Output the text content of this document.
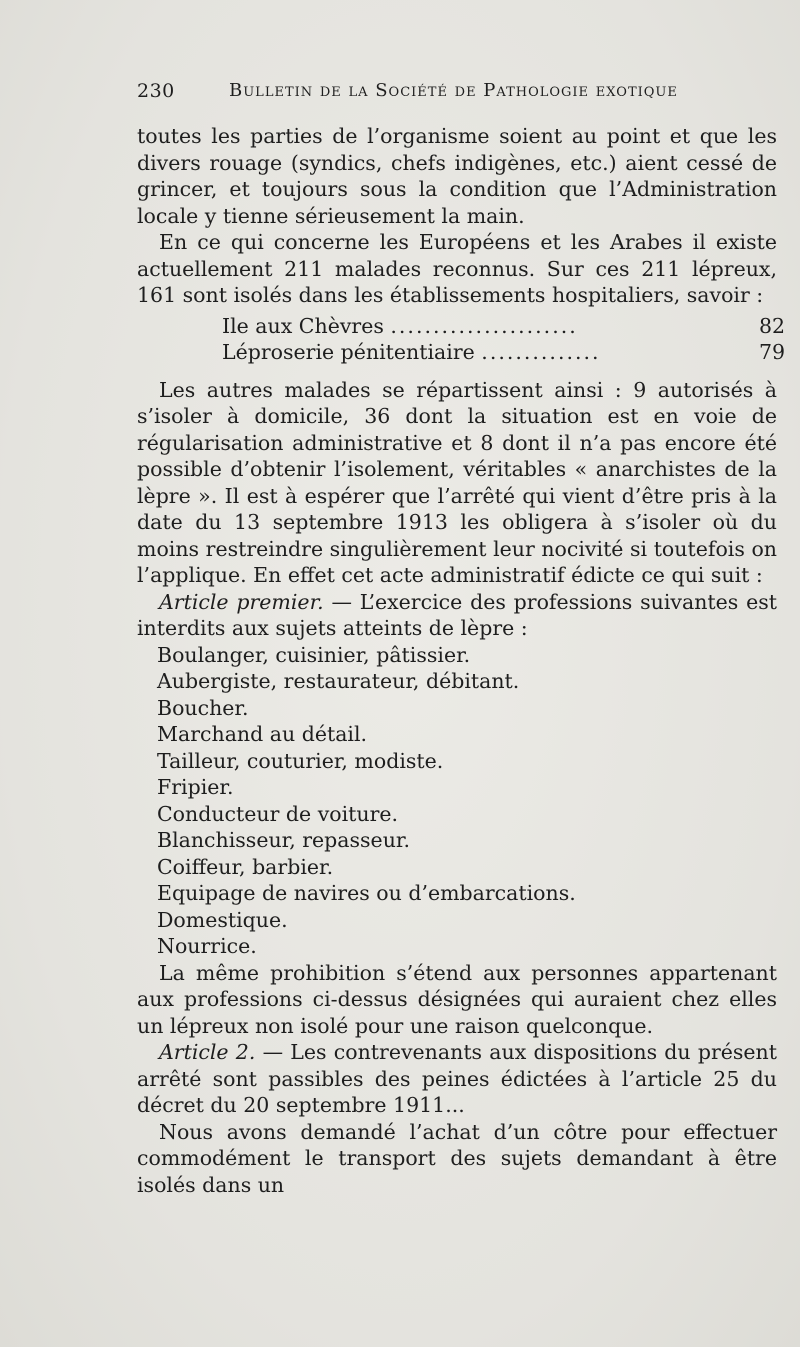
230	Bulletin de la Société de Pathologie exotique

toutes les parties de l’organisme soient au point et que les divers rouage (syndics, chefs indigènes, etc.) aient cessé de grincer, et toujours sous la condition que l’Administration locale y tienne sérieusement la main.

En ce qui concerne les Européens et les Arabes il existe actuellement 211 malades reconnus. Sur ces 211 lépreux, 161 sont isolés dans les établissements hospitaliers, savoir :

Ile aux Chèvres ......................	82
Léproserie pénitentiaire ..............	79

Les autres malades se répartissent ainsi : 9 autorisés à s’isoler à domicile, 36 dont la situation est en voie de régularisation administrative et 8 dont il n’a pas encore été possible d’obtenir l’isolement, véritables « anarchistes de la lèpre ». Il est à espérer que l’arrêté qui vient d’être pris à la date du 13 septembre 1913 les obligera à s’isoler où du moins restreindre singulièrement leur nocivité si toutefois on l’applique. En effet cet acte administratif édicte ce qui suit :

Article premier. — L’exercice des professions suivantes est interdits aux sujets atteints de lèpre :

Boulanger, cuisinier, pâtissier.
Aubergiste, restaurateur, débitant.
Boucher.
Marchand au détail.
Tailleur, couturier, modiste.
Fripier.
Conducteur de voiture.
Blanchisseur, repasseur.
Coiffeur, barbier.
Equipage de navires ou d’embarcations.
Domestique.
Nourrice.

La même prohibition s’étend aux personnes appartenant aux professions ci-dessus désignées qui auraient chez elles un lépreux non isolé pour une raison quelconque.

Article 2. — Les contrevenants aux dispositions du présent arrêté sont passibles des peines édictées à l’article 25 du décret du 20 septembre 1911...

Nous avons demandé l’achat d’un côtre pour effectuer commodément le transport des sujets demandant à être isolés dans un
